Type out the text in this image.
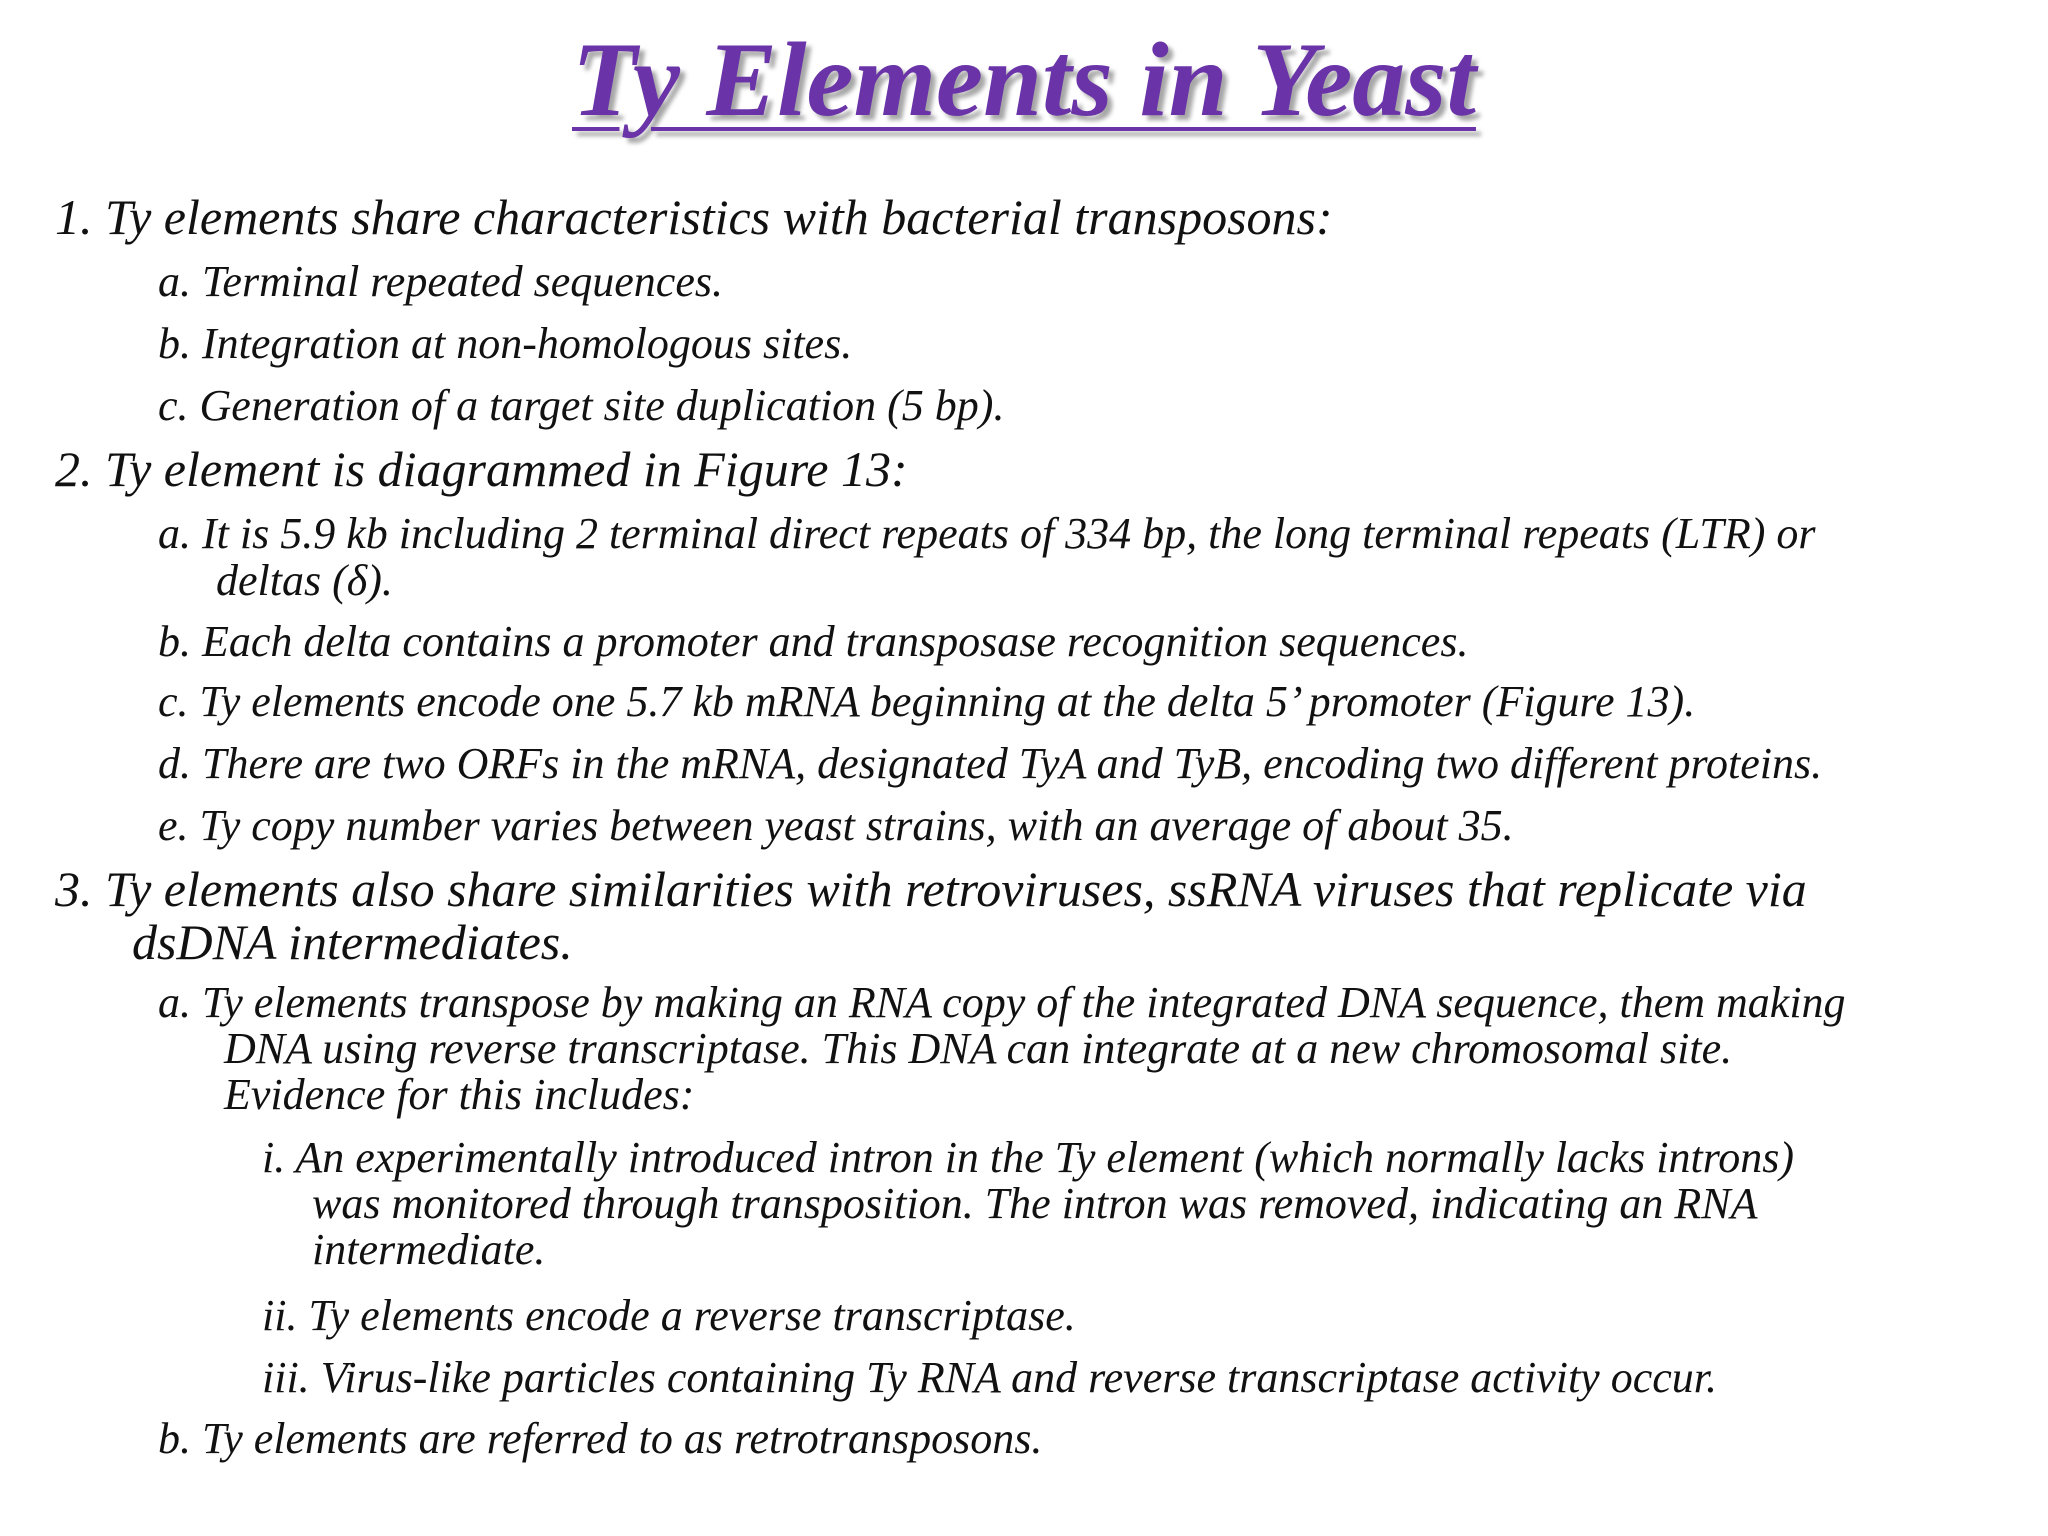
Ty Elements in Yeast

1. Ty elements share characteristics with bacterial transposons:

a. Terminal repeated sequences.

b. Integration at non-homologous sites.

c. Generation of a target site duplication (5 bp).

2. Ty element is diagrammed in Figure 13:

a. It is 5.9 kb including 2 terminal direct repeats of 334 bp, the long terminal repeats (LTR) or

deltas (δ).

b. Each delta contains a promoter and transposase recognition sequences.

c. Ty elements encode one 5.7 kb mRNA beginning at the delta 5’ promoter (Figure 13).

d. There are two ORFs in the mRNA, designated TyA and TyB, encoding two different proteins.

e. Ty copy number varies between yeast strains, with an average of about 35.

3. Ty elements also share similarities with retroviruses, ssRNA viruses that replicate via

dsDNA intermediates.

a. Ty elements transpose by making an RNA copy of the integrated DNA sequence, them making

DNA using reverse transcriptase. This DNA can integrate at a new chromosomal site.

Evidence for this includes:

i. An experimentally introduced intron in the Ty element (which normally lacks introns)

was monitored through transposition. The intron was removed, indicating an RNA

intermediate.

ii. Ty elements encode a reverse transcriptase.

iii. Virus-like particles containing Ty RNA and reverse transcriptase activity occur.

b. Ty elements are referred to as retrotransposons.
